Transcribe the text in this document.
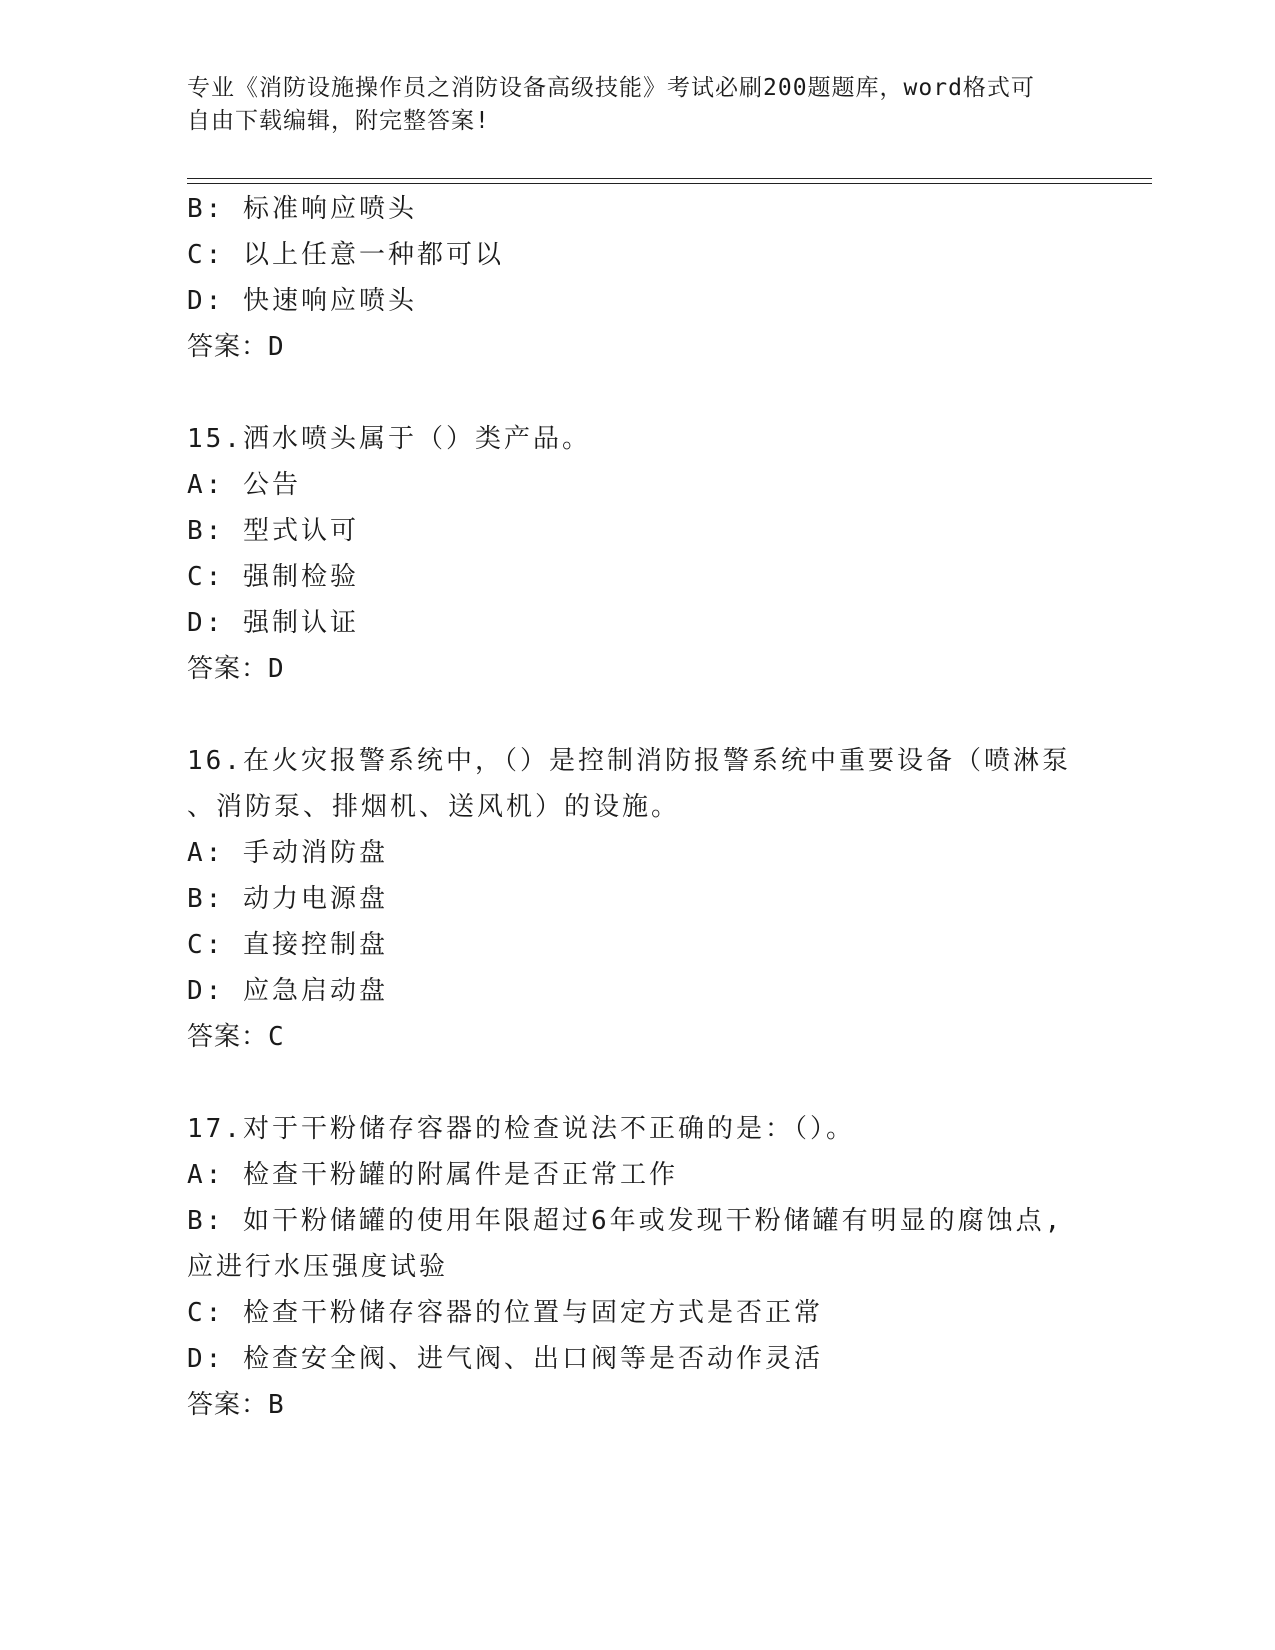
专业《消防设施操作员之消防设备高级技能》考试必刷200题题库，word格式可
自由下载编辑，附完整答案!
B: 标准响应喷头
C: 以上任意一种都可以
D: 快速响应喷头
答案：D
15.洒水喷头属于（）类产品。
A: 公告
B: 型式认可
C: 强制检验
D: 强制认证
答案：D
16.在火灾报警系统中，（）是控制消防报警系统中重要设备（喷淋泵
、消防泵、排烟机、送风机）的设施。
A: 手动消防盘
B: 动力电源盘
C: 直接控制盘
D: 应急启动盘
答案：C
17.对于干粉储存容器的检查说法不正确的是：（）。
A: 检查干粉罐的附属件是否正常工作
B: 如干粉储罐的使用年限超过6年或发现干粉储罐有明显的腐蚀点,
应进行水压强度试验
C: 检查干粉储存容器的位置与固定方式是否正常
D: 检查安全阀、进气阀、出口阀等是否动作灵活
答案：B
